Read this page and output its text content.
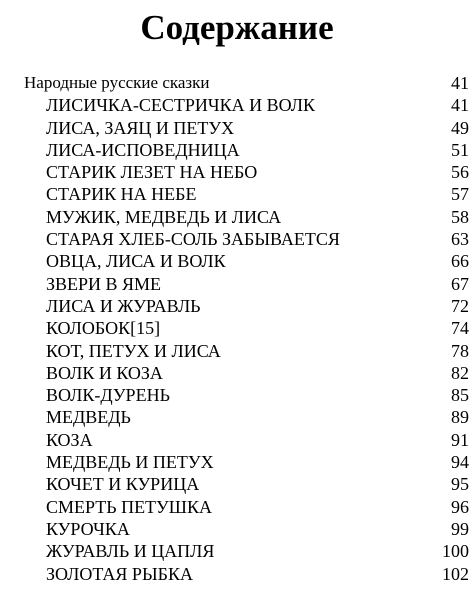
Содержание
Народные русские сказки	41
ЛИСИЧКА-СЕСТРИЧКА И ВОЛК	41
ЛИСА, ЗАЯЦ И ПЕТУХ	49
ЛИСА-ИСПОВЕДНИЦА	51
СТАРИК ЛЕЗЕТ НА НЕБО	56
СТАРИК НА НЕБЕ	57
МУЖИК, МЕДВЕДЬ И ЛИСА	58
СТАРАЯ ХЛЕБ-СОЛЬ ЗАБЫВАЕТСЯ	63
ОВЦА, ЛИСА И ВОЛК	66
ЗВЕРИ В ЯМЕ	67
ЛИСА И ЖУРАВЛЬ	72
КОЛОБОК[15]	74
КОТ, ПЕТУХ И ЛИСА	78
ВОЛК И КОЗА	82
ВОЛК-ДУРЕНЬ	85
МЕДВЕДЬ	89
КОЗА	91
МЕДВЕДЬ И ПЕТУХ	94
КОЧЕТ И КУРИЦА	95
СМЕРТЬ ПЕТУШКА	96
КУРОЧКА	99
ЖУРАВЛЬ И ЦАПЛЯ	100
ЗОЛОТАЯ РЫБКА	102
